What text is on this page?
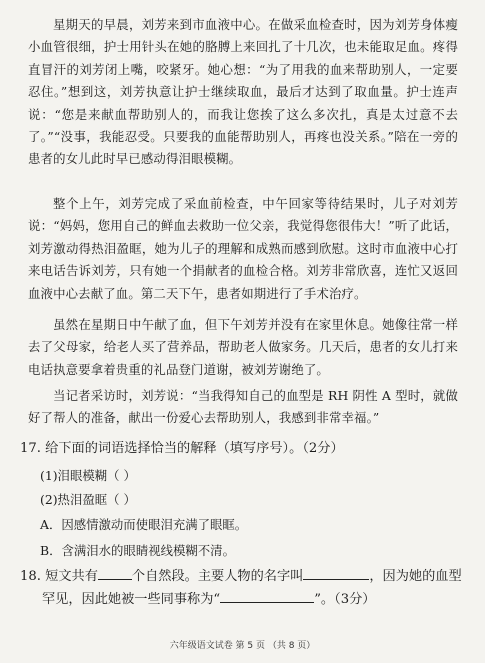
星期天的早晨，刘芳来到市血液中心。在做采血检查时，因为刘芳身体瘦小血管很细，护士用针头在她的胳膊上来回扎了十几次，也未能取足血。疼得直冒汗的刘芳闭上嘴，咬紧牙。她心想：“为了用我的血来帮助别人，一定要忍住。”想到这，刘芳执意让护士继续取血，最后才达到了取血量。护士连声说：“您是来献血帮助别人的，而我让您挨了这么多次扎，真是太过意不去了。”“没事，我能忍受。只要我的血能帮助别人，再疼也没关系。”陪在一旁的患者的女儿此时早已感动得泪眼模糊。

整个上午，刘芳完成了采血前检查，中午回家等待结果时，儿子对刘芳说：“妈妈，您用自己的鲜血去救助一位父亲，我觉得您很伟大！”听了此话，刘芳激动得热泪盈眶，她为儿子的理解和成熟而感到欣慰。这时市血液中心打来电话告诉刘芳，只有她一个捐献者的血检合格。刘芳非常欣喜，连忙又返回血液中心去献了血。第二天下午，患者如期进行了手术治疗。

虽然在星期日中午献了血，但下午刘芳并没有在家里休息。她像往常一样去了父母家，给老人买了营养品，帮助老人做家务。几天后，患者的女儿打来电话执意要拿着贵重的礼品登门道谢，被刘芳谢绝了。

当记者采访时，刘芳说：“当我得知自己的血型是 RH 阴性 A 型时，就做好了帮人的准备，献出一份爱心去帮助别人，我感到非常幸福。”

17. 给下面的词语选择恰当的解释（填写序号）。（2分）

(1)泪眼模糊（ ）

(2)热泪盈眶（ ）

A．因感情激动而使眼泪充满了眼眶。

B．含满泪水的眼睛视线模糊不清。

18. 短文共有	个自然段。主要人物的名字叫	，因为她的血型

罕见，因此她被一些同事称为“	”。（3分）

六年级语文试卷 第 5 页 （共 8 页）
